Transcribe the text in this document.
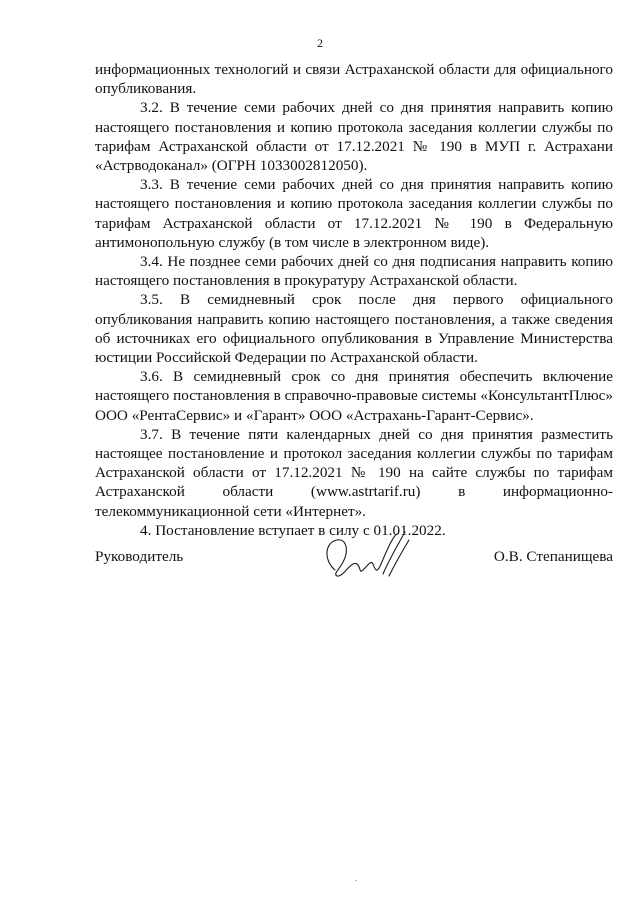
2

информационных технологий и связи Астраханской области для официального опубликования.

3.2. В течение семи рабочих дней со дня принятия направить копию настоящего постановления и копию протокола заседания коллегии службы по тарифам Астраханской области от 17.12.2021 № 190 в МУП г. Астрахани «Астрводоканал» (ОГРН 1033002812050).

3.3. В течение семи рабочих дней со дня принятия направить копию настоящего постановления и копию протокола заседания коллегии службы по тарифам Астраханской области от 17.12.2021 № 190 в Федеральную антимонопольную службу (в том числе в электронном виде).

3.4. Не позднее семи рабочих дней со дня подписания направить копию настоящего постановления в прокуратуру Астраханской области.

3.5. В семидневный срок после дня первого официального опубликования направить копию настоящего постановления, а также сведения об источниках его официального опубликования в Управление Министерства юстиции Российской Федерации по Астраханской области.

3.6. В семидневный срок со дня принятия обеспечить включение настоящего постановления в справочно-правовые системы «КонсультантПлюс» ООО «РентаСервис» и «Гарант» ООО «Астрахань-Гарант-Сервис».

3.7. В течение пяти календарных дней со дня принятия разместить настоящее постановление и протокол заседания коллегии службы по тарифам Астраханской области от 17.12.2021 № 190 на сайте службы по тарифам Астраханской области (www.astrtarif.ru) в информационно-телекоммуникационной сети «Интернет».

4. Постановление вступает в силу с 01.01.2022.

Руководитель	О.В. Степанищева
